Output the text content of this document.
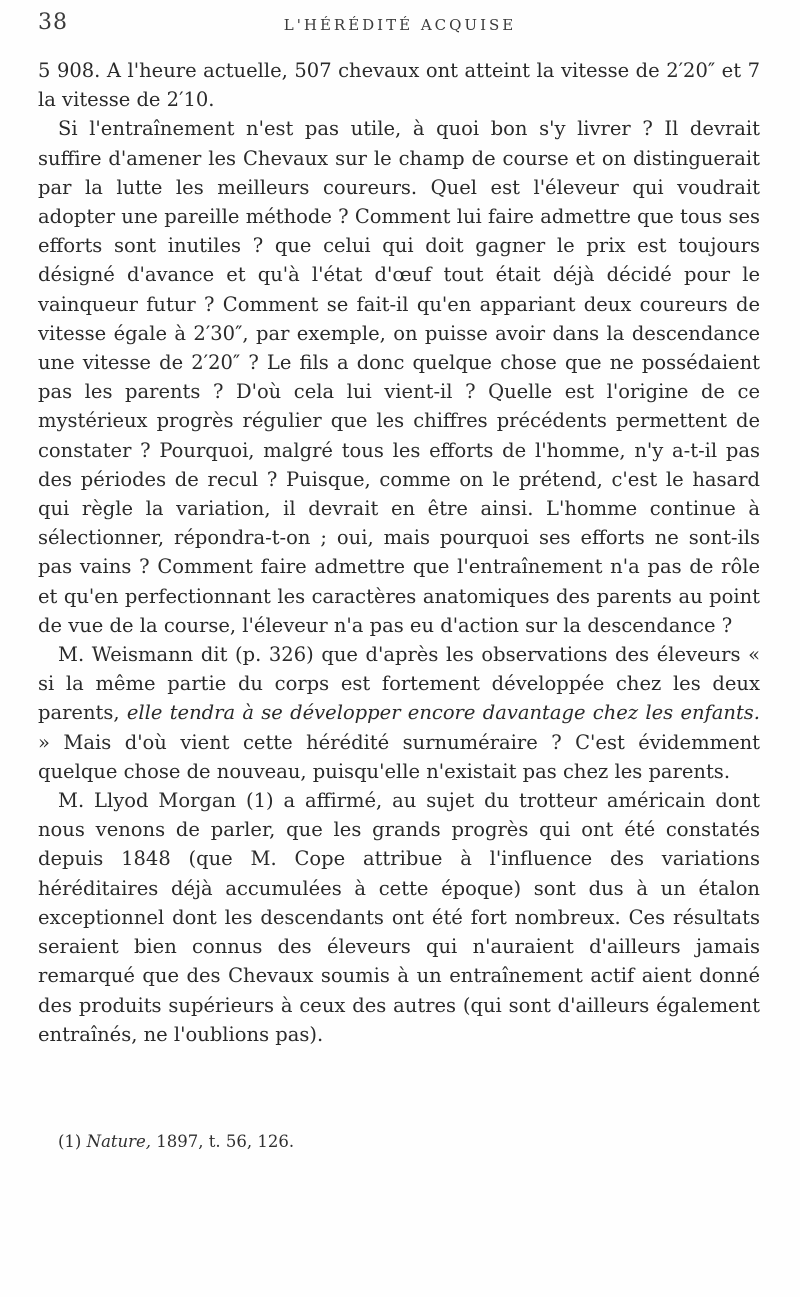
38	L'HÉRÉDITÉ ACQUISE

5 908. A l'heure actuelle, 507 chevaux ont atteint la vitesse de 2′20″ et 7 la vitesse de 2′10.

Si l'entraînement n'est pas utile, à quoi bon s'y livrer ? Il devrait suffire d'amener les Chevaux sur le champ de course et on distinguerait par la lutte les meilleurs coureurs. Quel est l'éleveur qui voudrait adopter une pareille méthode ? Comment lui faire admettre que tous ses efforts sont inutiles ? que celui qui doit gagner le prix est toujours désigné d'avance et qu'à l'état d'œuf tout était déjà décidé pour le vainqueur futur ? Comment se fait-il qu'en appariant deux coureurs de vitesse égale à 2′30″, par exemple, on puisse avoir dans la descendance une vitesse de 2′20″ ? Le fils a donc quelque chose que ne possédaient pas les parents ? D'où cela lui vient-il ? Quelle est l'origine de ce mystérieux progrès régulier que les chiffres précédents permettent de constater ? Pourquoi, malgré tous les efforts de l'homme, n'y a-t-il pas des périodes de recul ? Puisque, comme on le prétend, c'est le hasard qui règle la variation, il devrait en être ainsi. L'homme continue à sélectionner, répondra-t-on ; oui, mais pourquoi ses efforts ne sont-ils pas vains ? Comment faire admettre que l'entraînement n'a pas de rôle et qu'en perfectionnant les caractères anatomiques des parents au point de vue de la course, l'éleveur n'a pas eu d'action sur la descendance ?

M. Weismann dit (p. 326) que d'après les observations des éleveurs « si la même partie du corps est fortement développée chez les deux parents, elle tendra à se développer encore davantage chez les enfants. » Mais d'où vient cette hérédité surnuméraire ? C'est évidemment quelque chose de nouveau, puisqu'elle n'existait pas chez les parents.

M. Llyod Morgan (1) a affirmé, au sujet du trotteur américain dont nous venons de parler, que les grands progrès qui ont été constatés depuis 1848 (que M. Cope attribue à l'influence des variations héréditaires déjà accumulées à cette époque) sont dus à un étalon exceptionnel dont les descendants ont été fort nombreux. Ces résultats seraient bien connus des éleveurs qui n'auraient d'ailleurs jamais remarqué que des Chevaux soumis à un entraînement actif aient donné des produits supérieurs à ceux des autres (qui sont d'ailleurs également entraînés, ne l'oublions pas).

(1) Nature, 1897, t. 56, 126.
